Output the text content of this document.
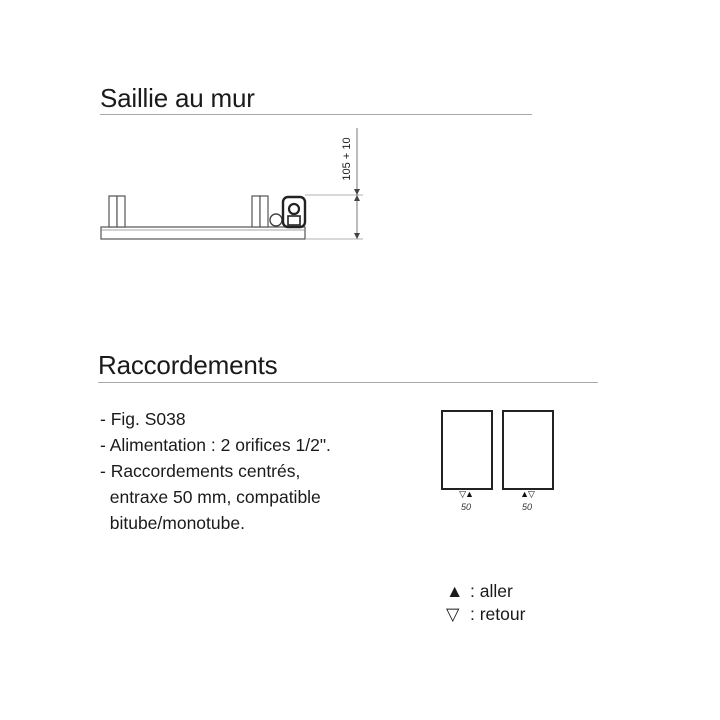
Saillie au mur
105 + 10
Raccordements
- Fig. S038
- Alimentation : 2 orifices 1/2".
- Raccordements centrés,
entraxe 50 mm, compatible
bitube/monotube.
▽▲
50
▲▽
50
▲ : aller
▽ : retour
